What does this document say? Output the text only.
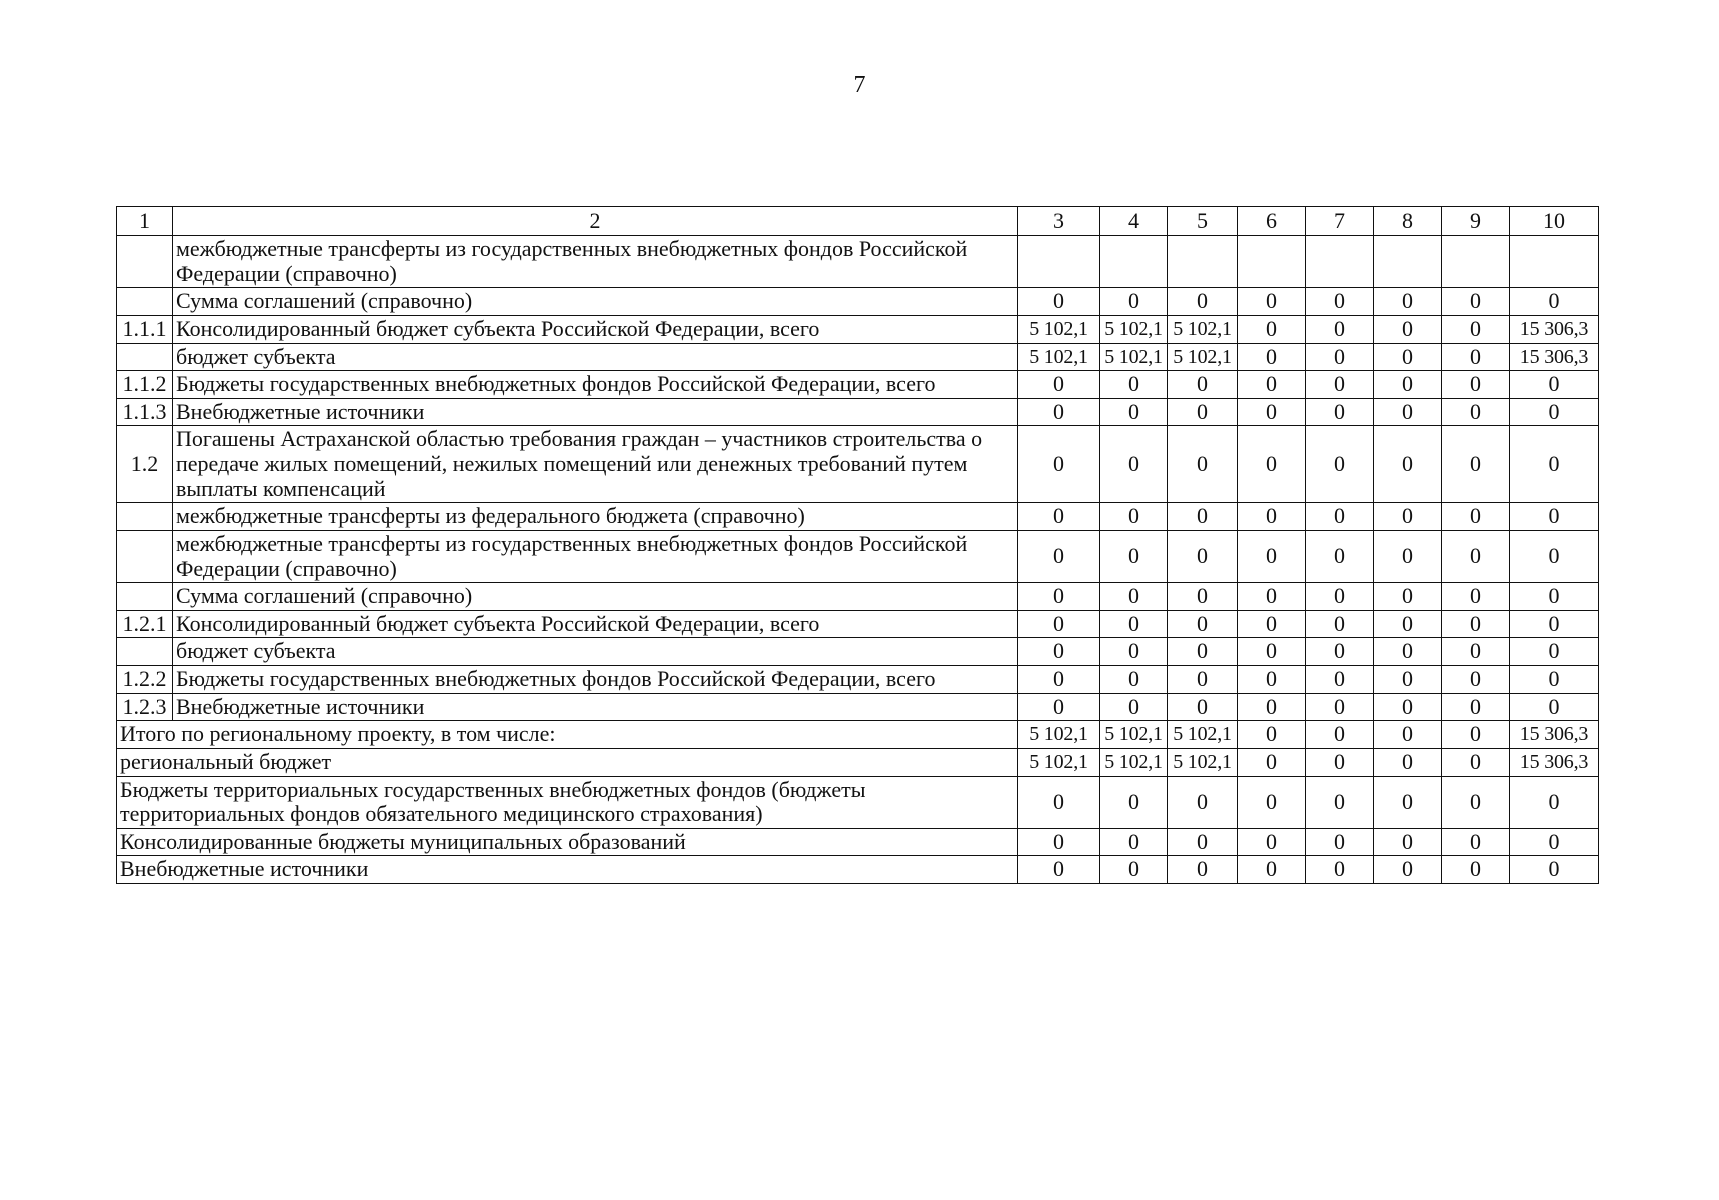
7
1	2	3	4	5	6	7	8	9	10
	межбюджетные трансферты из государственных внебюджетных фондов Российской Федерации (справочно)								
	Сумма соглашений (справочно)	0	0	0	0	0	0	0	0
1.1.1	Консолидированный бюджет субъекта Российской Федерации, всего	5 102,1	5 102,1	5 102,1	0	0	0	0	15 306,3
	бюджет субъекта	5 102,1	5 102,1	5 102,1	0	0	0	0	15 306,3
1.1.2	Бюджеты государственных внебюджетных фондов Российской Федерации, всего	0	0	0	0	0	0	0	0
1.1.3	Внебюджетные источники	0	0	0	0	0	0	0	0
1.2	Погашены Астраханской областью требования граждан – участников строительства о передаче жилых помещений, нежилых помещений или денежных требований путем выплаты компенсаций	0	0	0	0	0	0	0	0
	межбюджетные трансферты из федерального бюджета (справочно)	0	0	0	0	0	0	0	0
	межбюджетные трансферты из государственных внебюджетных фондов Российской Федерации (справочно)	0	0	0	0	0	0	0	0
	Сумма соглашений (справочно)	0	0	0	0	0	0	0	0
1.2.1	Консолидированный бюджет субъекта Российской Федерации, всего	0	0	0	0	0	0	0	0
	бюджет субъекта	0	0	0	0	0	0	0	0
1.2.2	Бюджеты государственных внебюджетных фондов Российской Федерации, всего	0	0	0	0	0	0	0	0
1.2.3	Внебюджетные источники	0	0	0	0	0	0	0	0
Итого по региональному проекту, в том числе:		5 102,1	5 102,1	5 102,1	0	0	0	0	15 306,3
региональный бюджет		5 102,1	5 102,1	5 102,1	0	0	0	0	15 306,3
Бюджеты территориальных государственных внебюджетных фондов (бюджеты территориальных фондов обязательного медицинского страхования)		0	0	0	0	0	0	0	0
Консолидированные бюджеты муниципальных образований		0	0	0	0	0	0	0	0
Внебюджетные источники		0	0	0	0	0	0	0	0
